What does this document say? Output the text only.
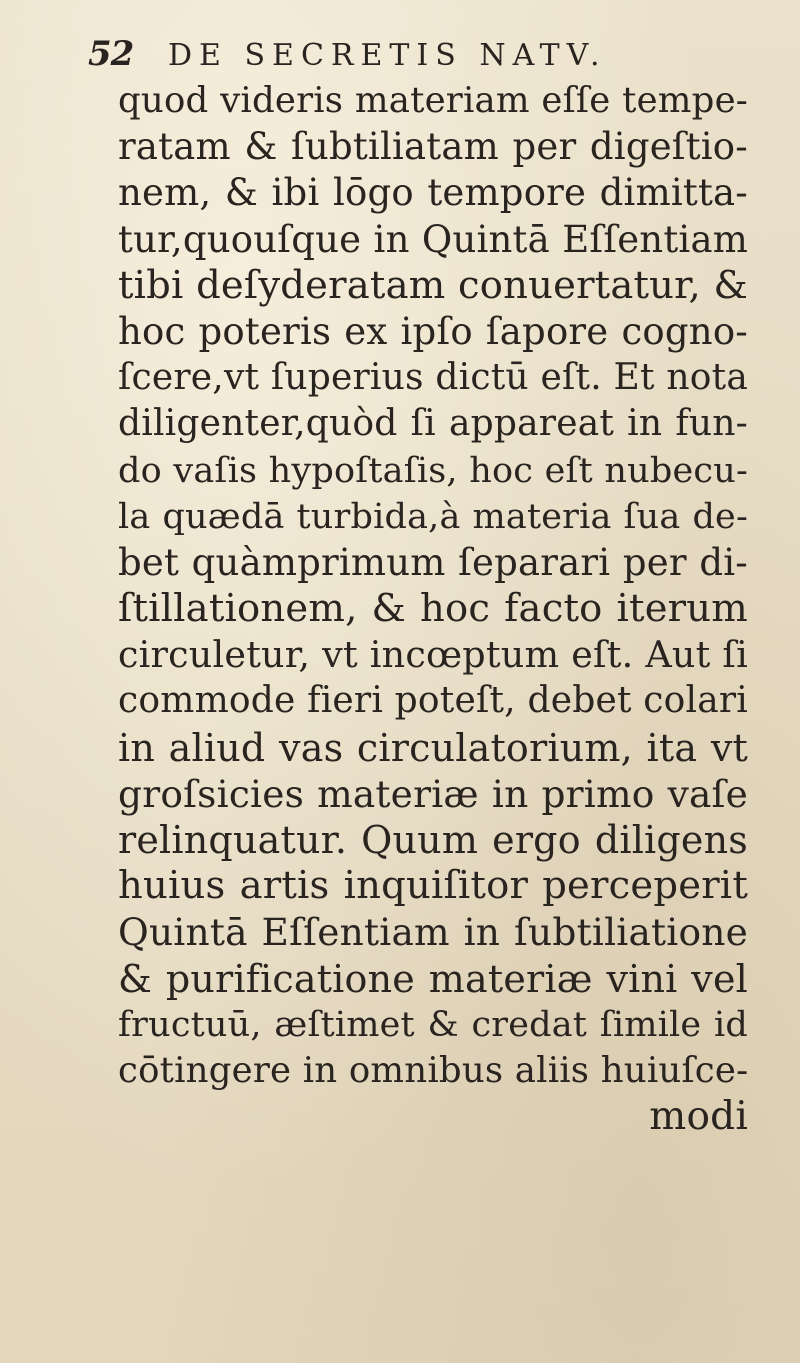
52	DE SECRETIS NATV.
quod videris materiam eſſe tempe-
ratam & ſubtiliatam per digeſtio-
nem, & ibi lōgo tempore dimitta-
tur,quouſque in Quintā Eſſentiam
tibi deſyderatam conuertatur, &
hoc poteris ex ipſo ſapore cogno-
ſcere,vt ſuperius dictū eſt. Et nota
diligenter,quòd ſi appareat in fun-
do vaſis hypoſtaſis, hoc eſt nubecu-
la quædā turbida,à materia ſua de-
bet quàmprimum ſeparari per di-
ſtillationem, & hoc facto iterum
circuletur, vt incœptum eſt. Aut ſi
commode fieri poteſt, debet colari
in aliud vas circulatorium, ita vt
groſsicies materiæ in primo vaſe
relinquatur. Quum ergo diligens
huius artis inquiſitor perceperit
Quintā Eſſentiam in ſubtiliatione
& purificatione materiæ vini vel
fructuū, æſtimet & credat ſimile id
cōtingere in omnibus aliis huiuſce-
modi
